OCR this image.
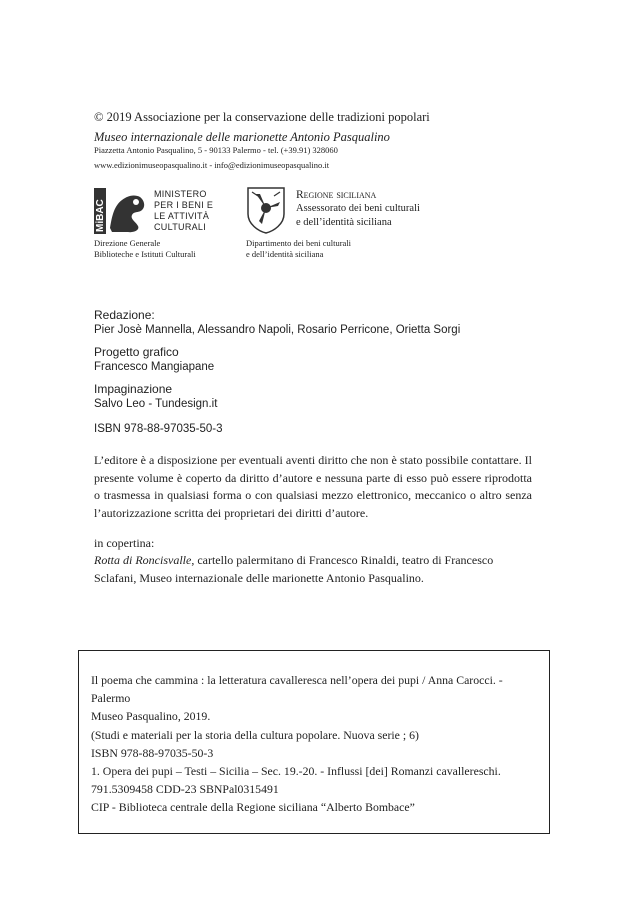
© 2019 Associazione per la conservazione delle tradizioni popolari
Museo internazionale delle marionette Antonio Pasqualino
Piazzetta Antonio Pasqualino, 5 - 90133 Palermo - tel. (+39.91) 328060
www.edizionimuseopasqualino.it - info@edizionimuseopasqualino.it
MiBAC
MINISTERO
PER I BENI E
LE ATTIVITÀ
CULTURALI
Direzione Generale
Biblioteche e Istituti Culturali
Regione siciliana
Assessorato dei beni culturali
e dell’identità siciliana
Dipartimento dei beni culturali
e dell’identità siciliana
Redazione:
Pier Josè Mannella, Alessandro Napoli, Rosario Perricone, Orietta Sorgi
Progetto grafico
Francesco Mangiapane
Impaginazione
Salvo Leo - Tundesign.it
ISBN 978-88-97035-50-3
L’editore è a disposizione per eventuali aventi diritto che non è stato possibile contattare. Il presente volume è coperto da diritto d’autore e nessuna parte di esso può essere riprodotta o trasmessa in qualsiasi forma o con qualsiasi mezzo elettronico, meccanico o altro senza l’autorizzazione scritta dei proprietari dei diritti d’autore.
in copertina:
Rotta di Roncisvalle, cartello palermitano di Francesco Rinaldi, teatro di Francesco Sclafani, Museo internazionale delle marionette Antonio Pasqualino.
Il poema che cammina : la letteratura cavalleresca nell’opera dei pupi / Anna Carocci. -
Palermo
Museo Pasqualino, 2019.
(Studi e materiali per la storia della cultura popolare. Nuova serie ; 6)
ISBN 978-88-97035-50-3
1. Opera dei pupi – Testi – Sicilia – Sec. 19.-20. - Influssi [dei] Romanzi cavallereschi.
791.5309458 CDD-23 SBNPal0315491
CIP - Biblioteca centrale della Regione siciliana “Alberto Bombace”
